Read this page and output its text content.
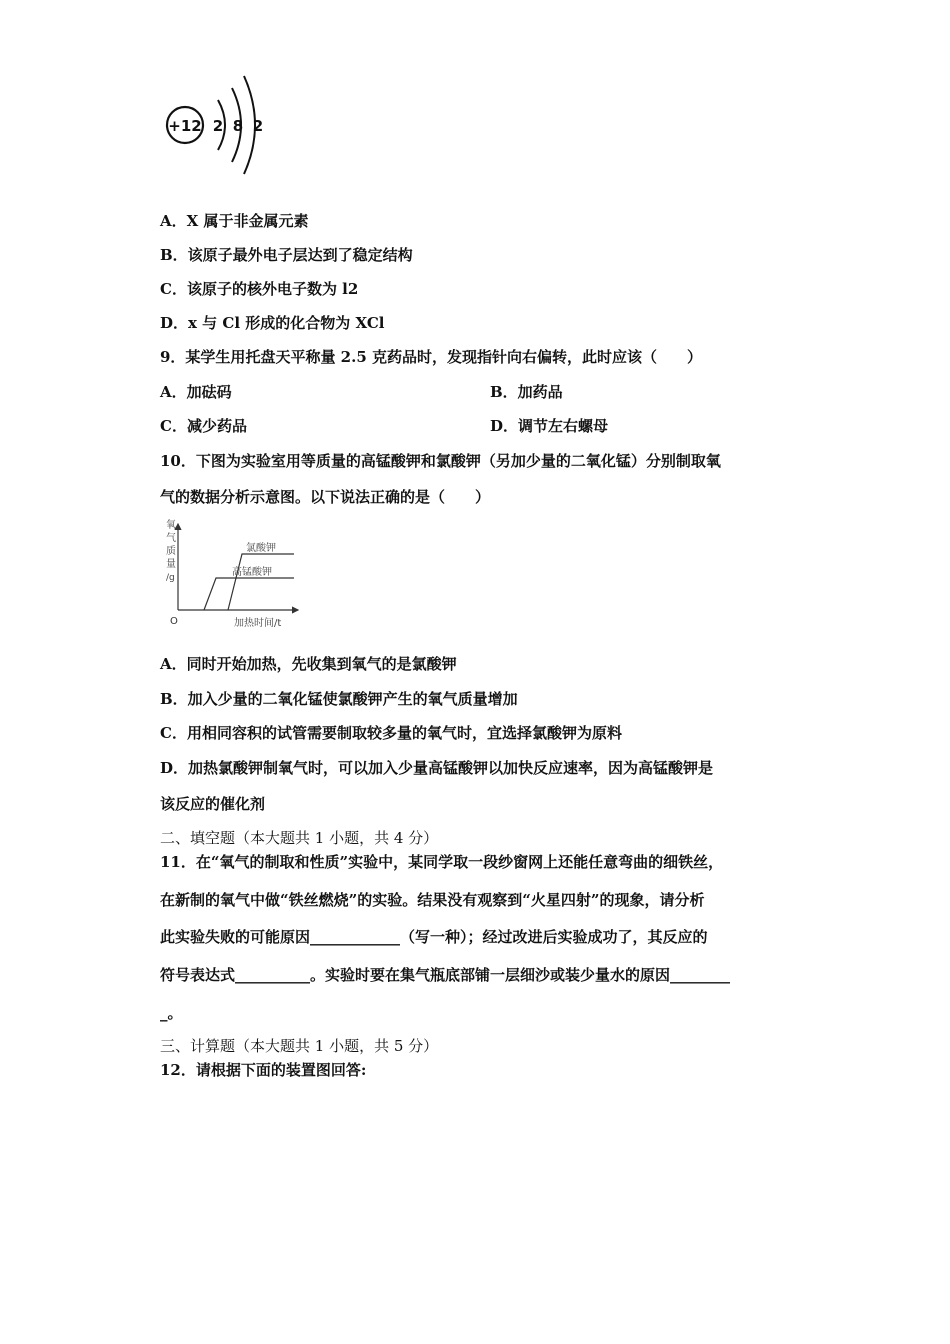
+12 2 8 2
A．X 属于非金属元素
B．该原子最外电子层达到了稳定结构
C．该原子的核外电子数为 l2
D．x 与 Cl 形成的化合物为 XCl
9．某学生用托盘天平称量 2.5 克药品时，发现指针向右偏转，此时应该（　　）
A．加砝码	B．加药品
C．减少药品	D．调节左右螺母
10．下图为实验室用等质量的高锰酸钾和氯酸钾（另加少量的二氧化锰）分别制取氧
气的数据分析示意图。以下说法正确的是（　　）
氧
气
质
量
/g
O	加热时间/t
氯酸钾
高锰酸钾
A．同时开始加热，先收集到氧气的是氯酸钾
B．加入少量的二氧化锰使氯酸钾产生的氧气质量增加
C．用相同容积的试管需要制取较多量的氧气时，宜选择氯酸钾为原料
D．加热氯酸钾制氧气时，可以加入少量高锰酸钾以加快反应速率，因为高锰酸钾是
该反应的催化剂
二、填空题（本大题共 1 小题，共 4 分）
11．在“氧气的制取和性质”实验中，某同学取一段纱窗网上还能任意弯曲的细铁丝，
在新制的氧气中做“铁丝燃烧”的实验。结果没有观察到“火星四射”的现象，请分析
此实验失败的可能原因____________（写一种）；经过改进后实验成功了，其反应的
符号表达式__________。实验时要在集气瓶底部铺一层细沙或装少量水的原因________
_。
三、计算题（本大题共 1 小题，共 5 分）
12．请根据下面的装置图回答:
